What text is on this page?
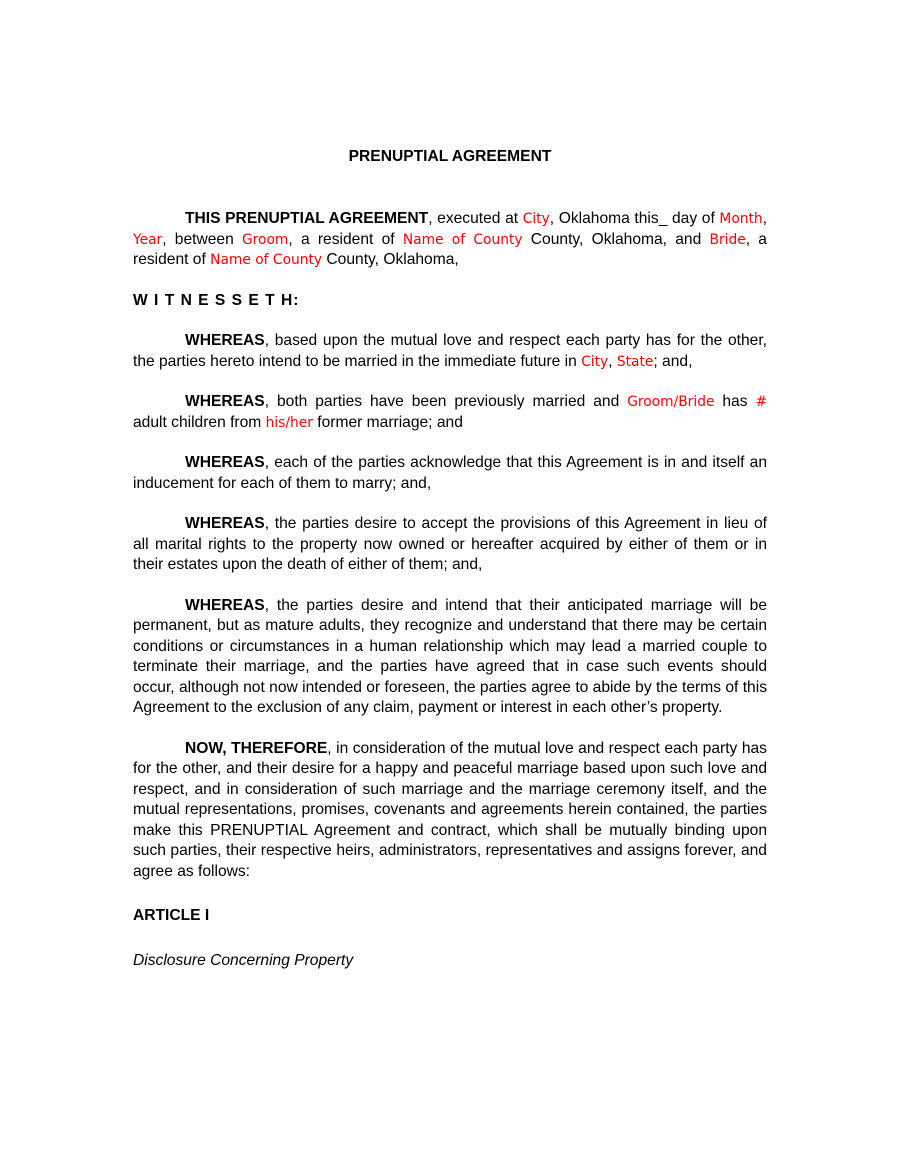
PRENUPTIAL AGREEMENT

THIS PRENUPTIAL AGREEMENT, executed at City, Oklahoma this_ day of Month, Year, between Groom, a resident of Name of County County, Oklahoma, and Bride, a resident of Name of County County, Oklahoma,

W I T N E S S E T H:

WHEREAS, based upon the mutual love and respect each party has for the other, the parties hereto intend to be married in the immediate future in City, State; and,

WHEREAS, both parties have been previously married and Groom/Bride has # adult children from his/her former marriage; and

WHEREAS, each of the parties acknowledge that this Agreement is in and itself an inducement for each of them to marry; and,

WHEREAS, the parties desire to accept the provisions of this Agreement in lieu of all marital rights to the property now owned or hereafter acquired by either of them or in their estates upon the death of either of them; and,

WHEREAS, the parties desire and intend that their anticipated marriage will be permanent, but as mature adults, they recognize and understand that there may be certain conditions or circumstances in a human relationship which may lead a married couple to terminate their marriage, and the parties have agreed that in case such events should occur, although not now intended or foreseen, the parties agree to abide by the terms of this Agreement to the exclusion of any claim, payment or interest in each other’s property.

NOW, THEREFORE, in consideration of the mutual love and respect each party has for the other, and their desire for a happy and peaceful marriage based upon such love and respect, and in consideration of such marriage and the marriage ceremony itself, and the mutual representations, promises, covenants and agreements herein contained, the parties make this PRENUPTIAL Agreement and contract, which shall be mutually binding upon such parties, their respective heirs, administrators, representatives and assigns forever, and agree as follows:

ARTICLE I

Disclosure Concerning Property
